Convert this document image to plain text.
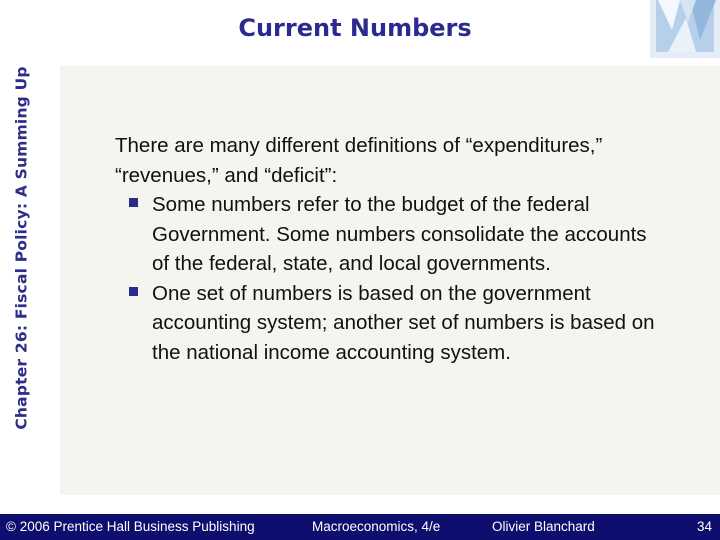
Chapter 26: Fiscal Policy: A Summing Up
Current Numbers

There are many different definitions of “expenditures,” “revenues,” and “deficit”:

Some numbers refer to the budget of the federal Government. Some numbers consolidate the accounts of the federal, state, and local governments.
One set of numbers is based on the government accounting system; another set of numbers is based on the national income accounting system.
© 2006 Prentice Hall Business Publishing	Macroeconomics, 4/e	Olivier Blanchard	34
